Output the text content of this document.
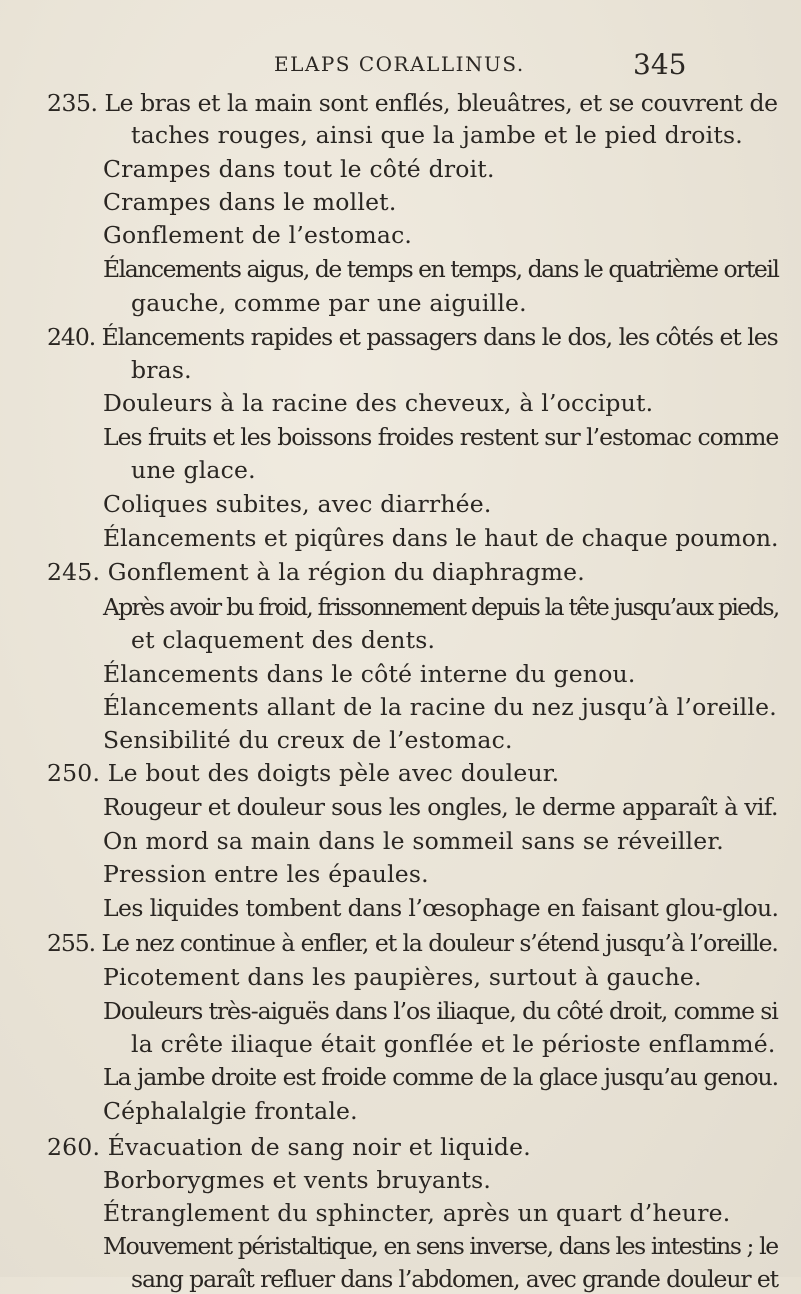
ELAPS CORALLINUS.	345
235. Le bras et la main sont enflés, bleuâtres, et se couvrent de
taches rouges, ainsi que la jambe et le pied droits.
Crampes dans tout le côté droit.
Crampes dans le mollet.
Gonflement de l’estomac.
Élancements aigus, de temps en temps, dans le quatrième orteil
gauche, comme par une aiguille.
240. Élancements rapides et passagers dans le dos, les côtés et les
bras.
Douleurs à la racine des cheveux, à l’occiput.
Les fruits et les boissons froides restent sur l’estomac comme
une glace.
Coliques subites, avec diarrhée.
Élancements et piqûres dans le haut de chaque poumon.
245. Gonflement à la région du diaphragme.
Après avoir bu froid, frissonnement depuis la tête jusqu’aux pieds,
et claquement des dents.
Élancements dans le côté interne du genou.
Élancements allant de la racine du nez jusqu’à l’oreille.
Sensibilité du creux de l’estomac.
250. Le bout des doigts pèle avec douleur.
Rougeur et douleur sous les ongles, le derme apparaît à vif.
On mord sa main dans le sommeil sans se réveiller.
Pression entre les épaules.
Les liquides tombent dans l’œsophage en faisant glou-glou.
255. Le nez continue à enfler, et la douleur s’étend jusqu’à l’oreille.
Picotement dans les paupières, surtout à gauche.
Douleurs très-aiguës dans l’os iliaque, du côté droit, comme si
la crête iliaque était gonflée et le périoste enflammé.
La jambe droite est froide comme de la glace jusqu’au genou.
Céphalalgie frontale.
260. Évacuation de sang noir et liquide.
Borborygmes et vents bruyants.
Étranglement du sphincter, après un quart d’heure.
Mouvement péristaltique, en sens inverse, dans les intestins ; le
sang paraît refluer dans l’abdomen, avec grande douleur et
